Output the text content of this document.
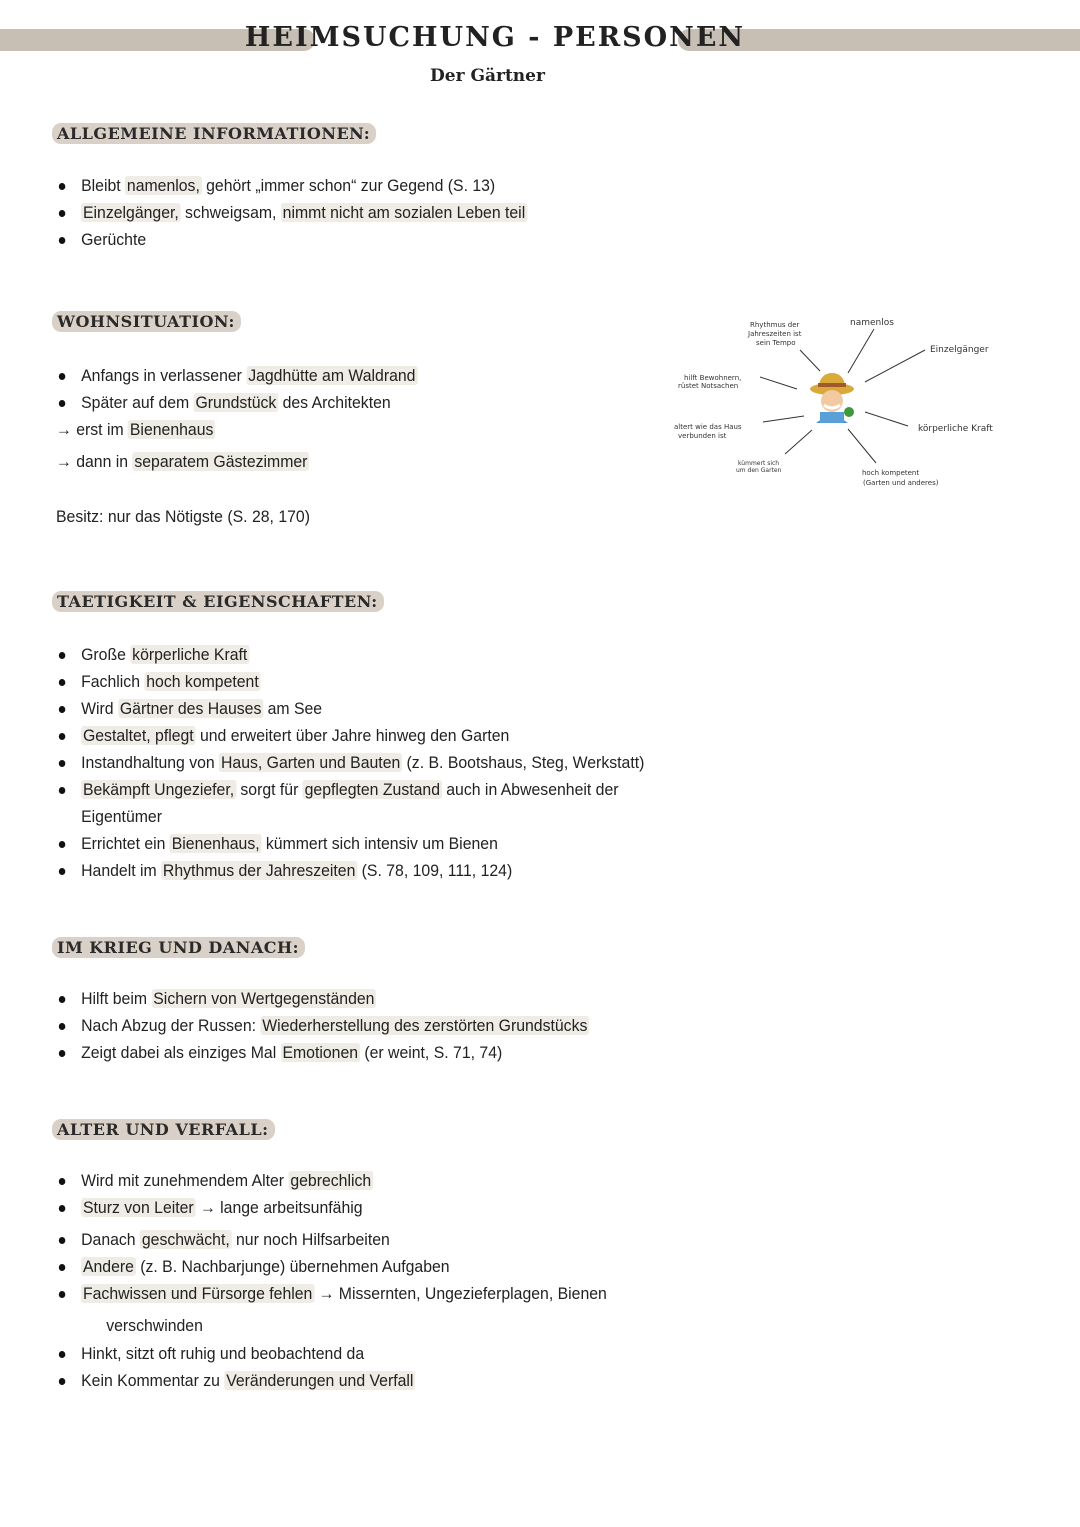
HEIMSUCHUNG - PERSONEN
Der Gärtner
ALLGEMEINE INFORMATIONEN:
Bleibt namenlos, gehört „immer schon“ zur Gegend (S. 13)
Einzelgänger, schweigsam, nimmt nicht am sozialen Leben teil
Gerüchte
WOHNSITUATION:
Anfangs in verlassener Jagdhütte am Waldrand
Später auf dem Grundstück des Architekten
→ erst im Bienenhaus
→ dann in separatem Gästezimmer
Besitz: nur das Nötigste (S. 28, 170)
TAETIGKEIT & EIGENSCHAFTEN:
Große körperliche Kraft
Fachlich hoch kompetent
Wird Gärtner des Hauses am See
Gestaltet, pflegt und erweitert über Jahre hinweg den Garten
Instandhaltung von Haus, Garten und Bauten (z. B. Bootshaus, Steg, Werkstatt)
Bekämpft Ungeziefer, sorgt für gepflegten Zustand auch in Abwesenheit der
Eigentümer
Errichtet ein Bienenhaus, kümmert sich intensiv um Bienen
Handelt im Rhythmus der Jahreszeiten (S. 78, 109, 111, 124)
IM KRIEG UND DANACH:
Hilft beim Sichern von Wertgegenständen
Nach Abzug der Russen: Wiederherstellung des zerstörten Grundstücks
Zeigt dabei als einziges Mal Emotionen (er weint, S. 71, 74)
ALTER UND VERFALL:
Wird mit zunehmendem Alter gebrechlich
Sturz von Leiter → lange arbeitsunfähig
Danach geschwächt, nur noch Hilfsarbeiten
Andere (z. B. Nachbarjunge) übernehmen Aufgaben
Fachwissen und Fürsorge fehlen → Missernten, Ungezieferplagen, Bienen
verschwinden
Hinkt, sitzt oft ruhig und beobachtend da
Kein Kommentar zu Veränderungen und Verfall
Rhythmus der Jahreszeiten ist sein Tempo
namenlos
Einzelgänger
hilft Bewohnern, rüstet Notsachen
körperliche Kraft
altert wie das Haus verbunden ist
kümmert sich um den Garten	hoch kompetent (Garten und anderes)
